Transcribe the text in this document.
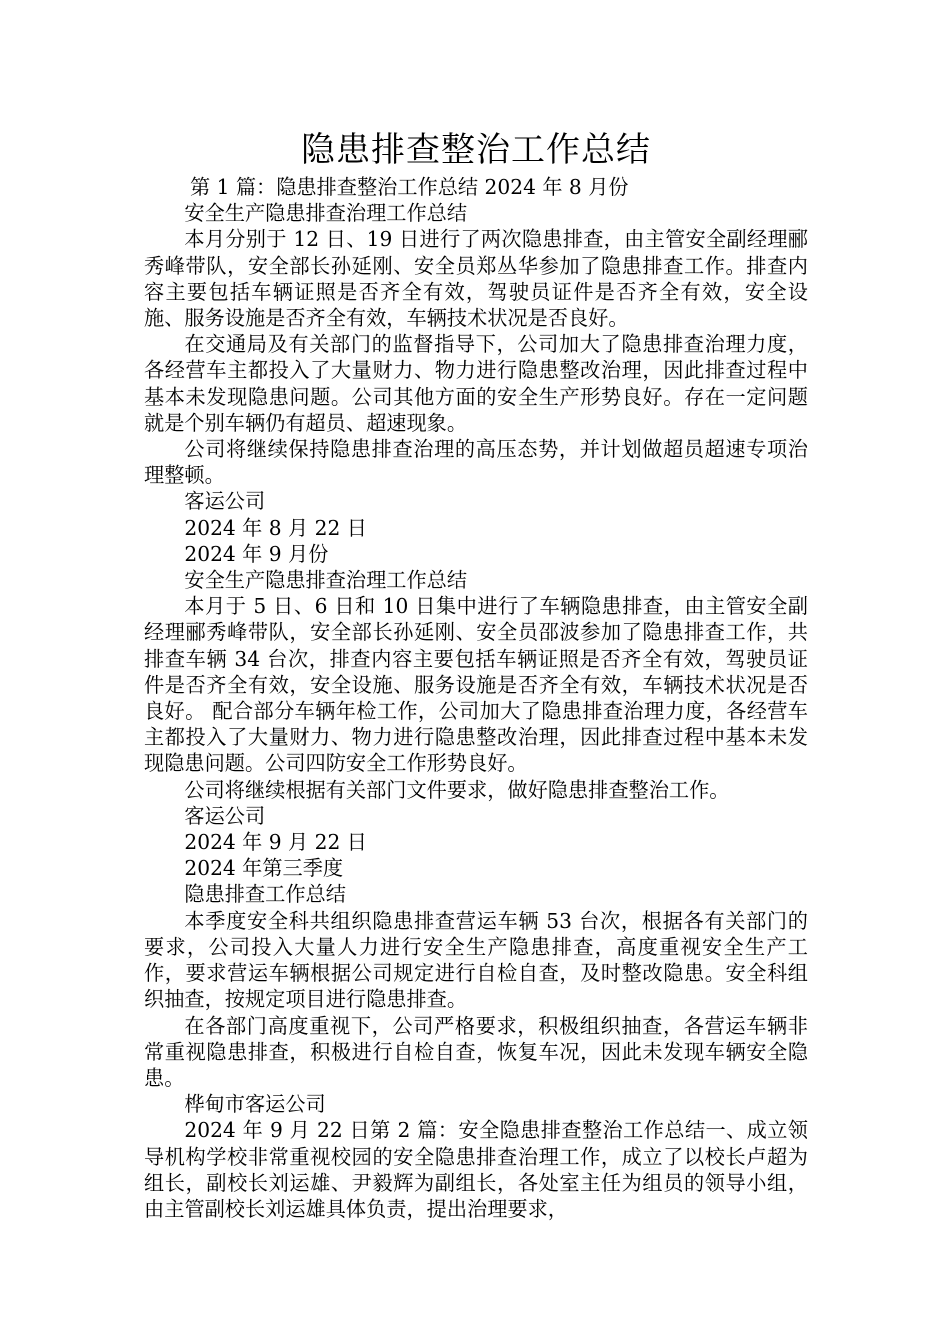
隐患排查整治工作总结

第 1 篇：隐患排查整治工作总结 2024 年 8 月份

安全生产隐患排查治理工作总结

本月分别于 12 日、19 日进行了两次隐患排查，由主管安全副经理郦秀峰带队，安全部长孙延刚、安全员郑丛华参加了隐患排查工作。排查内容主要包括车辆证照是否齐全有效，驾驶员证件是否齐全有效，安全设施、服务设施是否齐全有效，车辆技术状况是否良好。

在交通局及有关部门的监督指导下，公司加大了隐患排查治理力度，各经营车主都投入了大量财力、物力进行隐患整改治理，因此排查过程中基本未发现隐患问题。公司其他方面的安全生产形势良好。存在一定问题就是个别车辆仍有超员、超速现象。

公司将继续保持隐患排查治理的高压态势，并计划做超员超速专项治理整顿。

客运公司

2024 年 8 月 22 日

2024 年 9 月份

安全生产隐患排查治理工作总结

本月于 5 日、6 日和 10 日集中进行了车辆隐患排查，由主管安全副经理郦秀峰带队，安全部长孙延刚、安全员邵波参加了隐患排查工作，共排查车辆 34 台次，排查内容主要包括车辆证照是否齐全有效，驾驶员证件是否齐全有效，安全设施、服务设施是否齐全有效，车辆技术状况是否良好。 配合部分车辆年检工作，公司加大了隐患排查治理力度，各经营车主都投入了大量财力、物力进行隐患整改治理，因此排查过程中基本未发现隐患问题。公司四防安全工作形势良好。

公司将继续根据有关部门文件要求，做好隐患排查整治工作。

客运公司

2024 年 9 月 22 日

2024 年第三季度

隐患排查工作总结

本季度安全科共组织隐患排查营运车辆 53 台次，根据各有关部门的要求，公司投入大量人力进行安全生产隐患排查，高度重视安全生产工作，要求营运车辆根据公司规定进行自检自查，及时整改隐患。安全科组织抽查，按规定项目进行隐患排查。

在各部门高度重视下，公司严格要求，积极组织抽查，各营运车辆非常重视隐患排查，积极进行自检自查，恢复车况，因此未发现车辆安全隐患。

桦甸市客运公司

2024 年 9 月 22 日第 2 篇：安全隐患排查整治工作总结一、成立领导机构学校非常重视校园的安全隐患排查治理工作，成立了以校长卢超为组长，副校长刘运雄、尹毅辉为副组长，各处室主任为组员的领导小组，由主管副校长刘运雄具体负责，提出治理要求，
